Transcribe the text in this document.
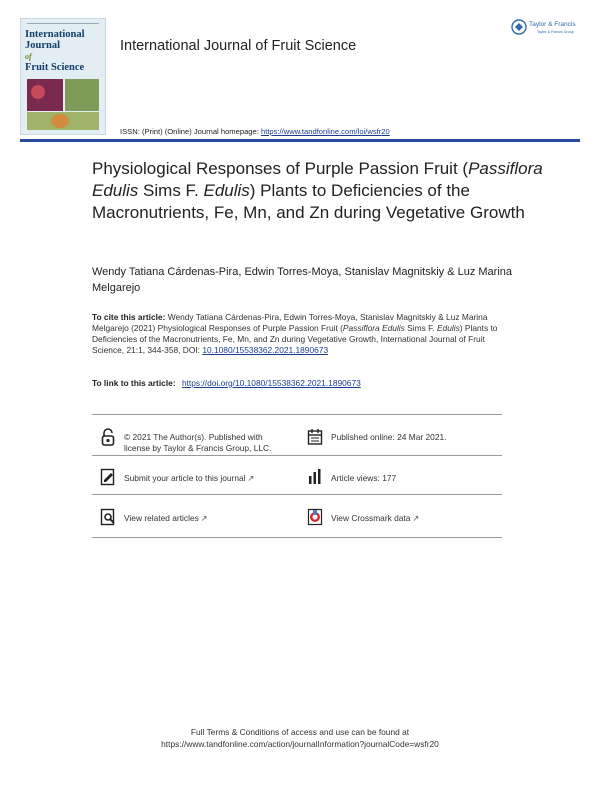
International
Journal
of
Fruit Science
International Journal of Fruit Science
Taylor & Francis
Taylor & Francis Group
ISSN: (Print) (Online) Journal homepage: https://www.tandfonline.com/loi/wsfr20
Physiological Responses of Purple Passion Fruit (Passiflora Edulis Sims F. Edulis) Plants to Deficiencies of the Macronutrients, Fe, Mn, and Zn during Vegetative Growth
Wendy Tatiana Cárdenas-Pira, Edwin Torres-Moya, Stanislav Magnitskiy & Luz Marina Melgarejo
To cite this article: Wendy Tatiana Cárdenas-Pira, Edwin Torres-Moya, Stanislav Magnitskiy & Luz Marina Melgarejo (2021) Physiological Responses of Purple Passion Fruit (Passiflora Edulis Sims F. Edulis) Plants to Deficiencies of the Macronutrients, Fe, Mn, and Zn during Vegetative Growth, International Journal of Fruit Science, 21:1, 344-358, DOI: 10.1080/15538362.2021.1890673
To link to this article: https://doi.org/10.1080/15538362.2021.1890673
© 2021 The Author(s). Published with license by Taylor & Francis Group, LLC.
Published online: 24 Mar 2021.
Submit your article to this journal ↗	Article views: 177
View related articles ↗	View Crossmark data ↗
Full Terms & Conditions of access and use can be found at
https://www.tandfonline.com/action/journalInformation?journalCode=wsfr20
